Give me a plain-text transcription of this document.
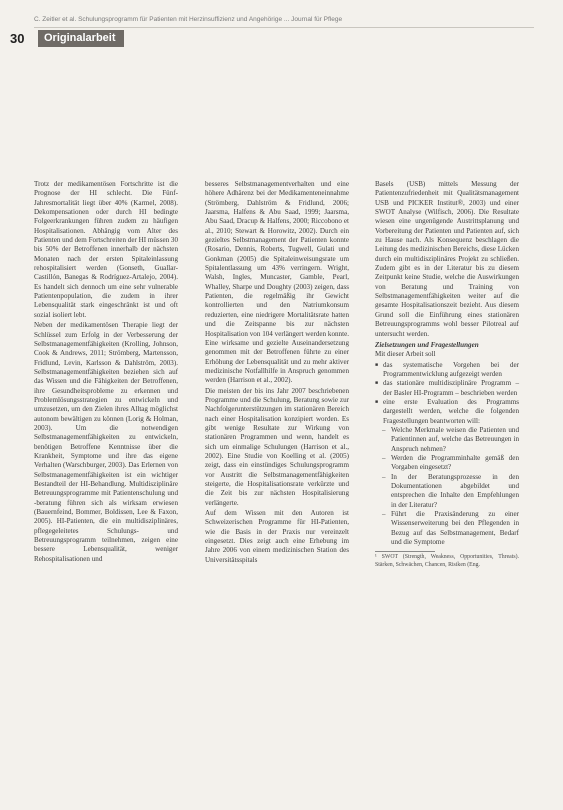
C. Zeitler et al. Schulungsprogramm für Patienten mit Herzinsuffizienz und Angehörige ... Journal für Pflege
30	Originalarbeit

Trotz der medikamentösen Fortschritte ist die Prognose der HI schlecht. Die Fünf-Jahresmortalität liegt über 40% (Karmel, 2008). Dekompensationen oder durch HI bedingte Folgeerkrankungen führen zudem zu häufigen Hospitalisationen. Abhängig vom Alter des Patienten und dem Fortschreiten der HI müssen 30 bis 50% der Betroffenen innerhalb der nächsten Monaten nach der ersten Spitaleinlassung rehospitalisiert werden (Gonseth, Guallar-Castillón, Banegas & Rodríguez-Artalejo, 2004). Es handelt sich dennoch um eine sehr vulnerable Patientenpopulation, die zudem in ihrer Lebensqualität stark eingeschränkt ist und oft sozial isoliert lebt.

Neben der medikamentösen Therapie liegt der Schlüssel zum Erfolg in der Verbesserung der Selbstmanagementfähigkeiten (Krolling, Johnson, Cook & Andrews, 2011; Strömberg, Martensson, Fridlund, Levin, Karlsson & Dahlström, 2003). Selbstmanagementfähigkeiten beziehen sich auf das Wissen und die Fähigkeiten der Betroffenen, ihre Gesundheitsprobleme zu erkennen und Problemlösungsstrategien zu entwickeln und umzusetzen, um den Zielen ihres Alltag möglichst autonom bewältigen zu können (Lorig & Holman, 2003). Um die notwendigen Selbstmanagementfähigkeiten zu entwickeln, benötigen Betroffene Kenntnisse über die Krankheit, Symptome und ihre das eigene Verhalten (Warschburger, 2003). Das Erlernen von Selbstmanagementfähigkeiten ist ein wichtiger Bestandteil der HI-Behandlung. Multidisziplinäre Betreuungsprogramme mit Patientenschulung und -beratung führen sich als wirksam erwiesen (Bauernfeind, Bommer, Boldissen, Lee & Faxon, 2005). HI-Patienten, die ein multidisziplinäres, pflegegeleitetes Schulungs- und Betreuungsprogramm teilnehmen, zeigen eine bessere Lebensqualität, weniger Rehospitalisationen und

besseres Selbstmanagementverhalten und eine höhere Adhärenz bei der Medikamenteneinnahme (Strömberg, Dahlström & Fridlund, 2006; Jaarsma, Halfens & Abu Saad, 1999; Jaarsma, Abu Saad, Dracup & Halfens, 2000; Riccobono et al., 2010; Stewart & Horowitz, 2002). Durch ein gezieltes Selbstmanagement der Patienten konnte (Rosario, Dennis, Roberts, Tugwell, Gulati und Gonkman (2005) die Spitaleinweisungsrate um Spitalentlassung um 43% verringern. Wright, Walsh, Ingles, Muncaster, Gamble, Pearl, Whalley, Sharpe und Doughty (2003) zeigen, dass Patienten, die regelmäßig ihr Gewicht kontrollierten und den Natriumkonsum reduzierten, eine niedrigere Mortalitätsrate hatten und die Zeitspanne bis zur nächsten Hospitalisation von 104 verlängert werden konnte. Eine wirksame und gezielte Auseinandersetzung genommen mit der Betroffenen führte zu einer Erhöhung der Lebensqualität und zu mehr aktiver medizinische Notfallhilfe in Anspruch genommen werden (Harrison et al., 2002).

Die meisten der bis ins Jahr 2007 beschriebenen Programme und die Schulung, Beratung sowie zur Nachfolgerunterstützungen im stationären Bereich nach einer Hospitalisation konzipiert worden. Es gibt wenige Resultate zur Wirkung von stationären Programmen und wenn, handelt es sich um einmalige Schulungen (Harrison et al., 2002). Eine Studie von Koelling et al. (2005) zeigt, dass ein einstündiges Schulungsprogramm vor Austritt die Selbstmanagementfähigkeiten steigerte, die Hospitalisationsrate verkürzte und die Zeit bis zur nächsten Hospitalisierung verlängerte.

Auf dem Wissen mit den Autoren ist Schweizerischen Programme für HI-Patienten, wie die Basis in der Praxis nur vereinzelt eingesetzt. Dies zeigt auch eine Erhebung im Jahre 2006 von einem medizinischen Station des Universitätsspitals

Basels (USB) mittels Messung der Patientenzufriedenheit mit Qualitätsmanagement USB und PICKER Institut®, 2003) und einer SWOT Analyse (Wilfisch, 2006). Die Resultate wiesen eine ungenügende Austrittsplanung und Vorbereitung der Patienten und Patienten auf, sich zu Hause nach. Als Konsequenz beschlagen die Leitung des medizinischen Bereichs, diese Lücken durch ein multidisziplinäres Projekt zu schließen. Zudem gibt es in der Literatur bis zu diesem Zeitpunkt keine Studie, welche die Auswirkungen von Beratung und Training von Selbstmanagementfähigkeiten weiter auf die gesamte Hospitalisationszeit bezieht. Aus diesem Grund soll die Einführung eines stationären Betreuungsprogramms wohl besser Pilotreal auf untersucht werden.

Zielsetzungen und Fragestellungen

Mit dieser Arbeit soll

■ das systematische Vorgehen bei der Programmentwicklung aufgezeigt werden
■ das stationäre multidisziplinäre Programm – der Basler HI-Programm – beschrieben werden
■ eine erste Evaluation des Programms dargestellt werden, welche die folgenden Fragestellungen beantworten will:
– Welche Merkmale weisen die Patienten und Patientinnen auf, welche das Betreuungen in Anspruch nehmen?
– Werden die Programminhalte gemäß den Vorgaben eingesetzt?
– In der Beratungsprozesse in den Dokumentationen abgebildet und entsprechen die Inhalte den Empfehlungen in der Literatur?
– Führt die Praxisänderung zu einer Wissenserweiterung bei den Pflegenden in Bezug auf das Selbstmanagement, Bedarf und die Symptome
¹ SWOT (Strength, Weakness, Opportunities, Threats). Stärken, Schwächen, Chancen, Risiken (Eng.
